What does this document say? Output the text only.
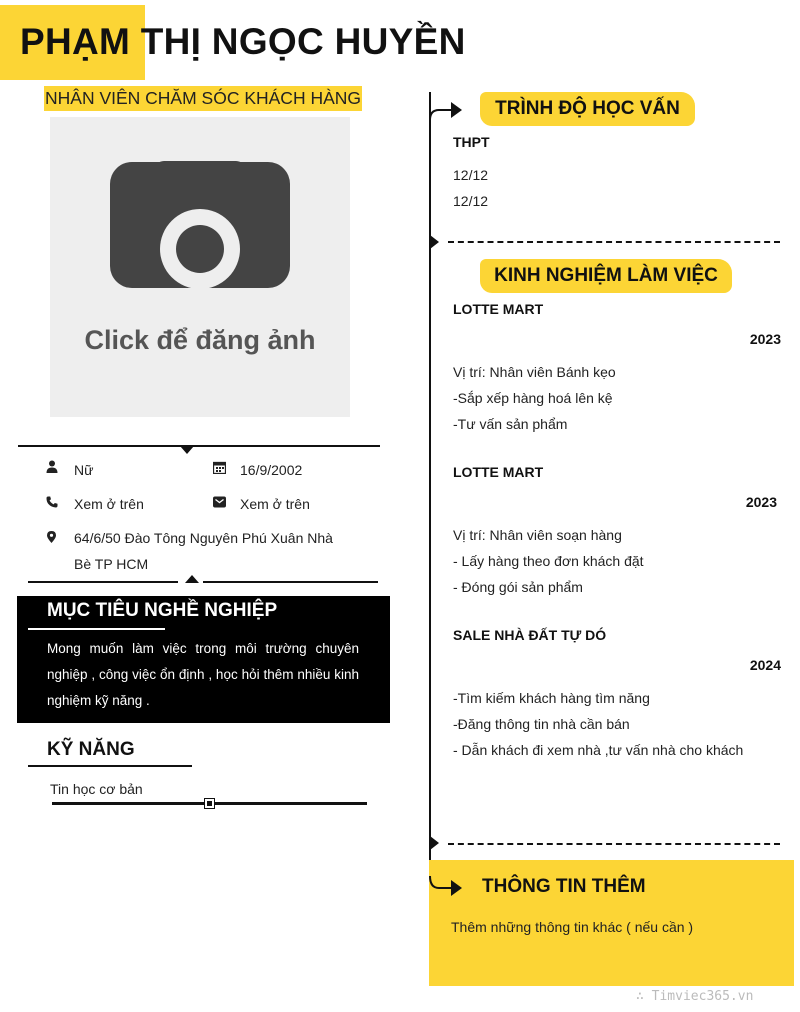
PHẠM THỊ NGỌC HUYỀN
NHÂN VIÊN CHĂM SÓC KHÁCH HÀNG
Click để đăng ảnh
Nữ	16/9/2002
Xem ở trên	Xem ở trên
64/6/50 Đào Tông Nguyên Phú Xuân Nhà Bè TP HCM
MỤC TIÊU NGHỀ NGHIỆP
Mong muốn làm việc trong môi trường chuyên nghiệp , công việc ổn định , học hỏi thêm nhiều kinh nghiệm kỹ năng .
KỸ NĂNG
Tin học cơ bản
TRÌNH ĐỘ HỌC VẤN
THPT
12/12
12/12
KINH NGHIỆM LÀM VIỆC
LOTTE MART
2023
Vị trí: Nhân viên Bánh kẹo
-Sắp xếp hàng hoá lên kệ
-Tư vấn sản phẩm
LOTTE MART
2023
Vị trí: Nhân viên soạn hàng
- Lấy hàng theo đơn khách đặt
- Đóng gói sản phẩm
SALE NHÀ ĐẤT TỰ DÓ
2024
-Tìm kiếm khách hàng tìm năng
-Đăng thông tin nhà cần bán
- Dẫn khách đi xem nhà ,tư vấn nhà cho khách
THÔNG TIN THÊM
Thêm những thông tin khác ( nếu cần )
∴ Timviec365.vn
